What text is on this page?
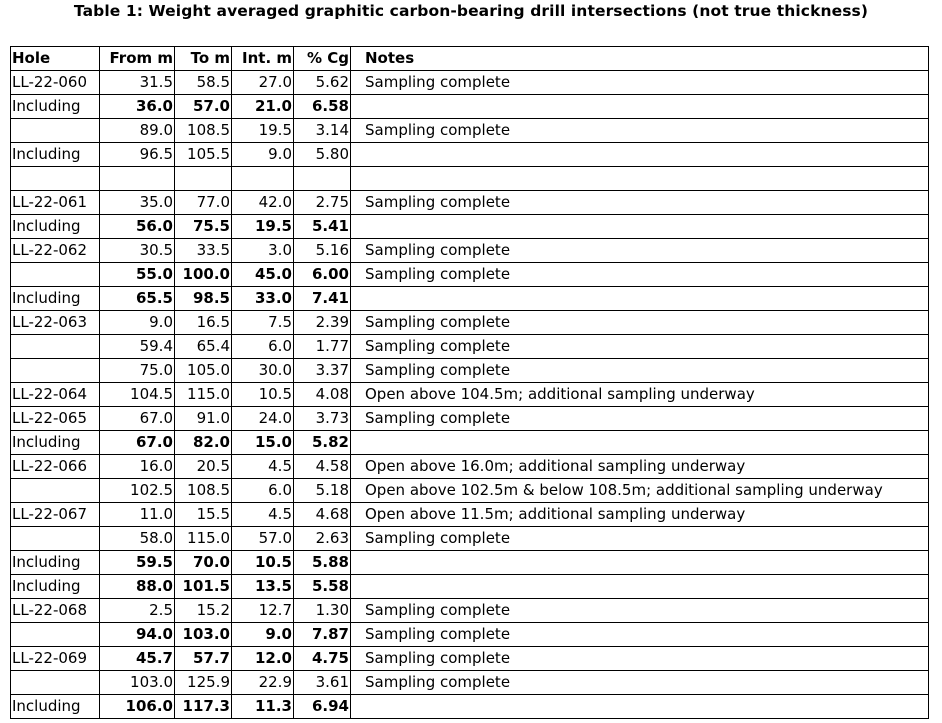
Table 1: Weight averaged graphitic carbon-bearing drill intersections (not true thickness)
Hole	From m	To m	Int. m	% Cg	Notes
LL-22-060	31.5	58.5	27.0	5.62	Sampling complete
Including	36.0	57.0	21.0	6.58	
	89.0	108.5	19.5	3.14	Sampling complete
Including	96.5	105.5	9.0	5.80	

LL-22-061	35.0	77.0	42.0	2.75	Sampling complete
Including	56.0	75.5	19.5	5.41	
LL-22-062	30.5	33.5	3.0	5.16	Sampling complete
	55.0	100.0	45.0	6.00	Sampling complete
Including	65.5	98.5	33.0	7.41	
LL-22-063	9.0	16.5	7.5	2.39	Sampling complete
	59.4	65.4	6.0	1.77	Sampling complete
	75.0	105.0	30.0	3.37	Sampling complete
LL-22-064	104.5	115.0	10.5	4.08	Open above 104.5m; additional sampling underway
LL-22-065	67.0	91.0	24.0	3.73	Sampling complete
Including	67.0	82.0	15.0	5.82	
LL-22-066	16.0	20.5	4.5	4.58	Open above 16.0m; additional sampling underway
	102.5	108.5	6.0	5.18	Open above 102.5m & below 108.5m; additional sampling underway
LL-22-067	11.0	15.5	4.5	4.68	Open above 11.5m; additional sampling underway
	58.0	115.0	57.0	2.63	Sampling complete
Including	59.5	70.0	10.5	5.88	
Including	88.0	101.5	13.5	5.58	
LL-22-068	2.5	15.2	12.7	1.30	Sampling complete
	94.0	103.0	9.0	7.87	Sampling complete
LL-22-069	45.7	57.7	12.0	4.75	Sampling complete
	103.0	125.9	22.9	3.61	Sampling complete
Including	106.0	117.3	11.3	6.94	
